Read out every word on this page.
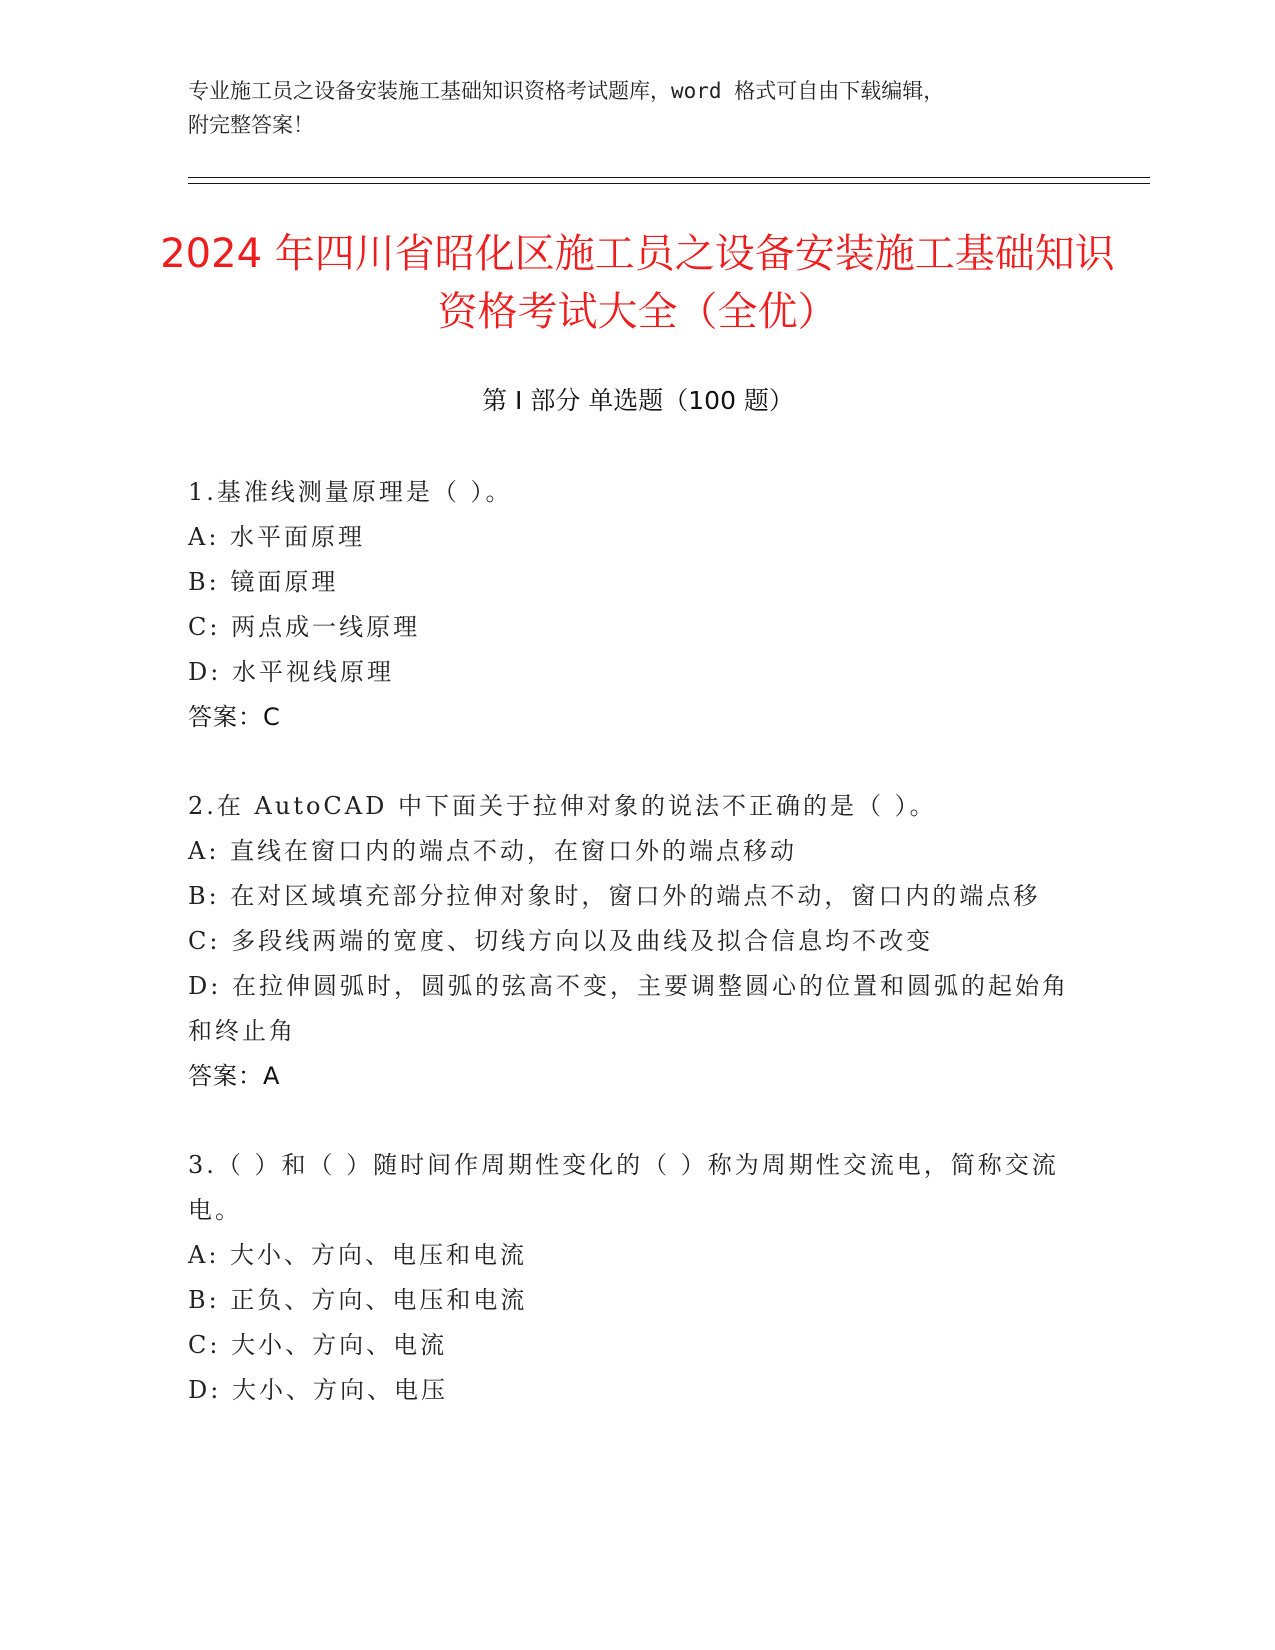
专业施工员之设备安装施工基础知识资格考试题库，word 格式可自由下载编辑，
附完整答案！
2024 年四川省昭化区施工员之设备安装施工基础知识资格考试大全（全优）
第 I 部分 单选题（100 题）
1.基准线测量原理是（ ）。
A: 水平面原理
B: 镜面原理
C: 两点成一线原理
D: 水平视线原理
答案：C
2.在 AutoCAD 中下面关于拉伸对象的说法不正确的是（ ）。
A: 直线在窗口内的端点不动，在窗口外的端点移动
B: 在对区域填充部分拉伸对象时，窗口外的端点不动，窗口内的端点移
C: 多段线两端的宽度、切线方向以及曲线及拟合信息均不改变
D: 在拉伸圆弧时，圆弧的弦高不变，主要调整圆心的位置和圆弧的起始角和终止角
答案：A
3.（ ）和（ ）随时间作周期性变化的（ ）称为周期性交流电，简称交流电。
A: 大小、方向、电压和电流
B: 正负、方向、电压和电流
C: 大小、方向、电流
D: 大小、方向、电压
